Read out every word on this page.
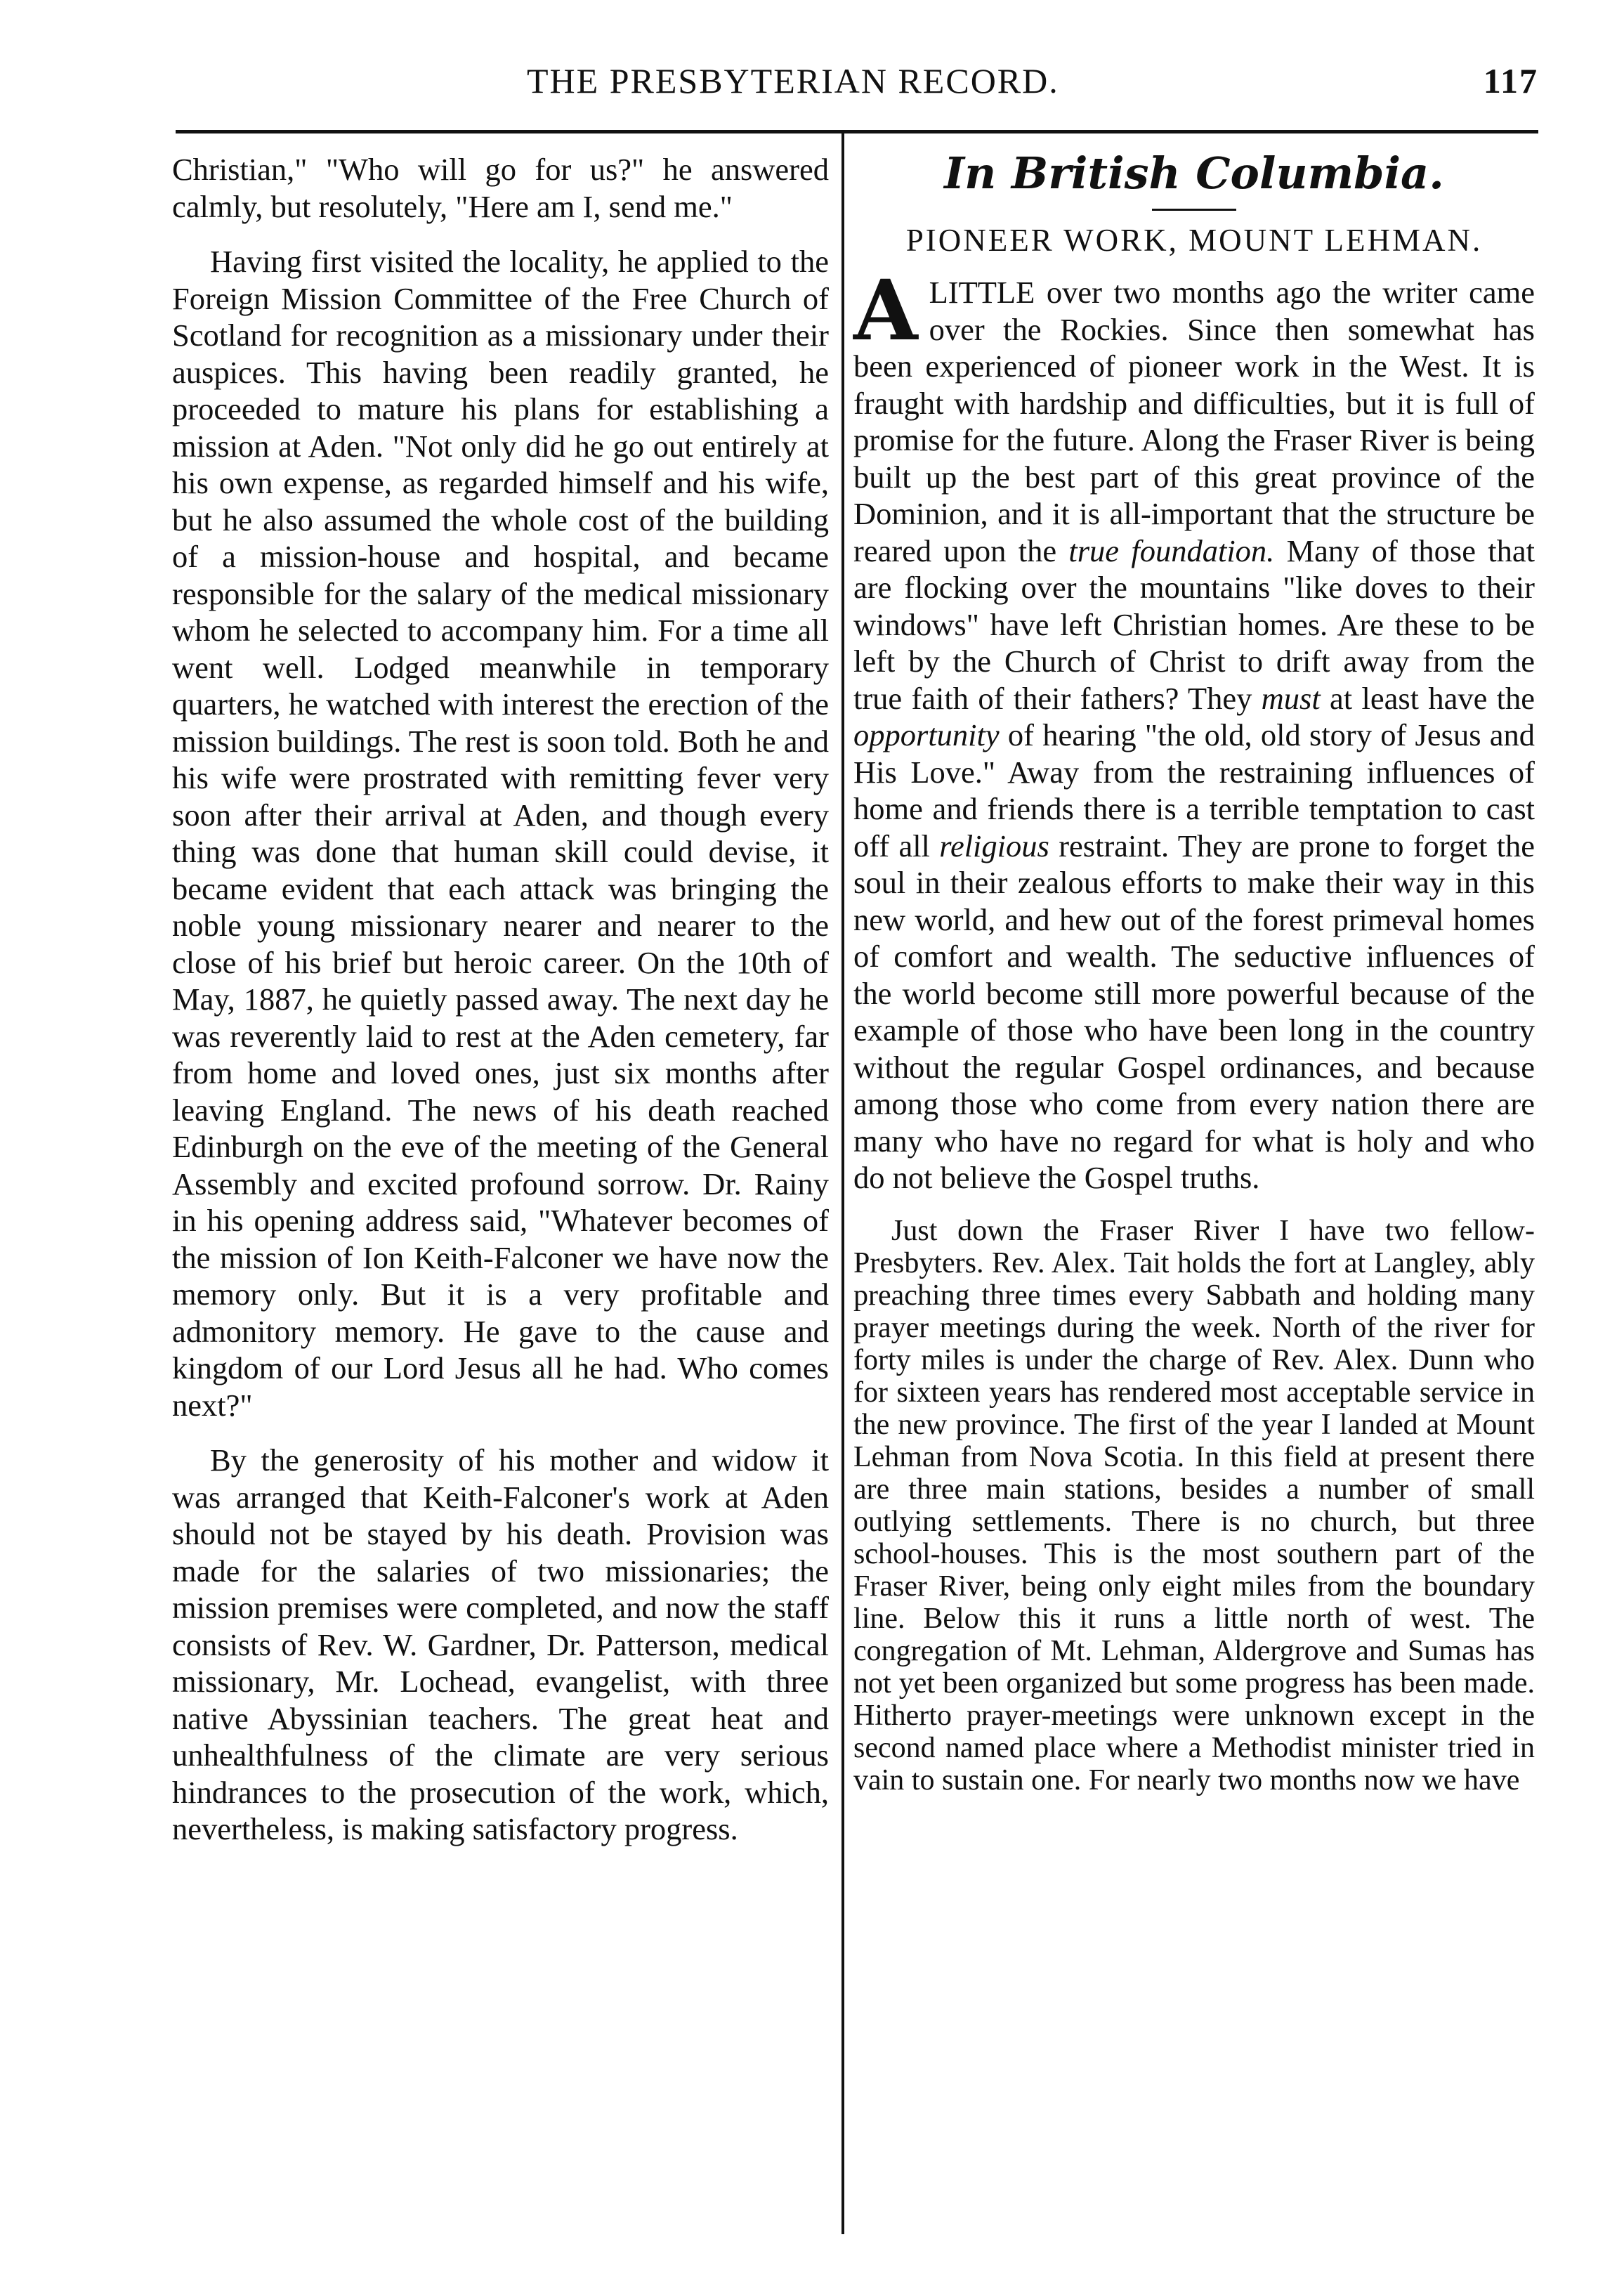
THE PRESBYTERIAN RECORD.	117

Christian," "Who will go for us?" he answered calmly, but resolutely, "Here am I, send me."

Having first visited the locality, he applied to the Foreign Mission Committee of the Free Church of Scotland for recognition as a missionary under their auspices. This having been readily granted, he proceeded to mature his plans for establishing a mission at Aden. "Not only did he go out entirely at his own expense, as regarded himself and his wife, but he also assumed the whole cost of the building of a mission-house and hospital, and became responsible for the salary of the medical missionary whom he selected to accompany him. For a time all went well. Lodged meanwhile in temporary quarters, he watched with interest the erection of the mission buildings. The rest is soon told. Both he and his wife were prostrated with remitting fever very soon after their arrival at Aden, and though every thing was done that human skill could devise, it became evident that each attack was bringing the noble young missionary nearer and nearer to the close of his brief but heroic career. On the 10th of May, 1887, he quietly passed away. The next day he was reverently laid to rest at the Aden cemetery, far from home and loved ones, just six months after leaving England. The news of his death reached Edinburgh on the eve of the meeting of the General Assembly and excited profound sorrow. Dr. Rainy in his opening address said, "Whatever becomes of the mission of Ion Keith-Falconer we have now the memory only. But it is a very profitable and admonitory memory. He gave to the cause and kingdom of our Lord Jesus all he had. Who comes next?"

By the generosity of his mother and widow it was arranged that Keith-Falconer's work at Aden should not be stayed by his death. Provision was made for the salaries of two missionaries; the mission premises were completed, and now the staff consists of Rev. W. Gardner, Dr. Patterson, medical missionary, Mr. Lochead, evangelist, with three native Abyssinian teachers. The great heat and unhealthfulness of the climate are very serious hindrances to the prosecution of the work, which, nevertheless, is making satisfactory progress.

In British Columbia.
PIONEER WORK, MOUNT LEHMAN.

ALITTLE over two months ago the writer came over the Rockies. Since then somewhat has been experienced of pioneer work in the West. It is fraught with hardship and difficulties, but it is full of promise for the future. Along the Fraser River is being built up the best part of this great province of the Dominion, and it is all-important that the structure be reared upon the true foundation. Many of those that are flocking over the mountains "like doves to their windows" have left Christian homes. Are these to be left by the Church of Christ to drift away from the true faith of their fathers? They must at least have the opportunity of hearing "the old, old story of Jesus and His Love." Away from the restraining influences of home and friends there is a terrible temptation to cast off all religious restraint. They are prone to forget the soul in their zealous efforts to make their way in this new world, and hew out of the forest primeval homes of comfort and wealth. The seductive influences of the world become still more powerful because of the example of those who have been long in the country without the regular Gospel ordinances, and because among those who come from every nation there are many who have no regard for what is holy and who do not believe the Gospel truths.

Just down the Fraser River I have two fellow-Presbyters. Rev. Alex. Tait holds the fort at Langley, ably preaching three times every Sabbath and holding many prayer meetings during the week. North of the river for forty miles is under the charge of Rev. Alex. Dunn who for sixteen years has rendered most acceptable service in the new province. The first of the year I landed at Mount Lehman from Nova Scotia. In this field at present there are three main stations, besides a number of small outlying settlements. There is no church, but three school-houses. This is the most southern part of the Fraser River, being only eight miles from the boundary line. Below this it runs a little north of west. The congregation of Mt. Lehman, Aldergrove and Sumas has not yet been organized but some progress has been made. Hitherto prayer-meetings were unknown except in the second named place where a Methodist minister tried in vain to sustain one. For nearly two months now we have
